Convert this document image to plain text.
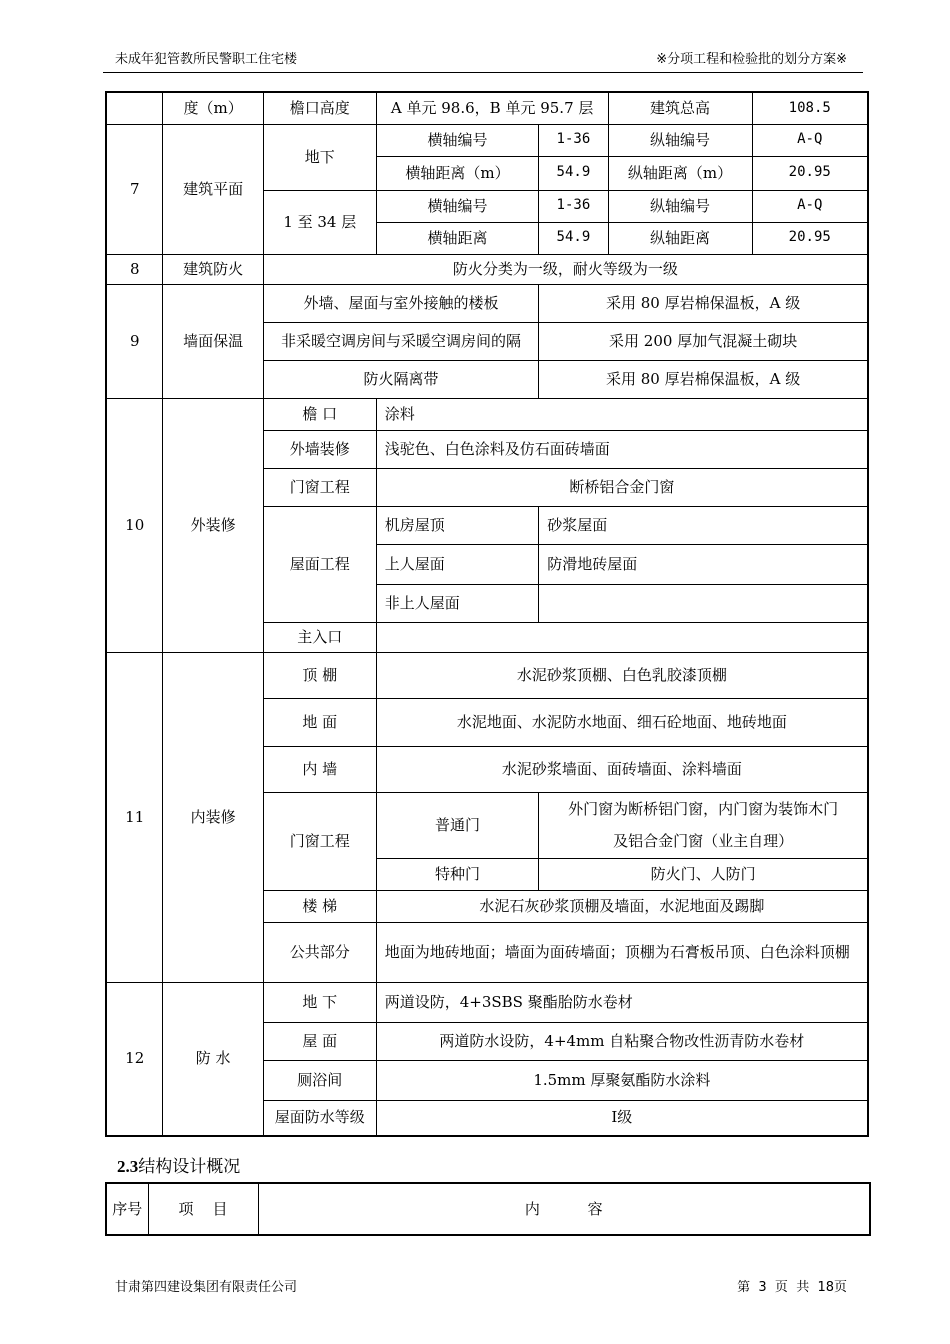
未成年犯管教所民警职工住宅楼	※分项工程和检验批的划分方案※
	度（m）	檐口高度	A 单元 98.6，B 单元 95.7 层		建筑总高	108.5
7	建筑平面	地下	横轴编号	1-36	纵轴编号	A-Q
			横轴距离（m）	54.9	纵轴距离（m）	20.95
		1 至 34 层	横轴编号	1-36	纵轴编号	A-Q
			横轴距离	54.9	纵轴距离	20.95
8	建筑防火	防火分类为一级，耐火等级为一级				
9	墙面保温	外墙、屋面与室外接触的楼板		采用 80 厚岩棉保温板，A 级		
		非采暖空调房间与采暖空调房间的隔		采用 200 厚加气混凝土砌块		
		防火隔离带		采用 80 厚岩棉保温板，A 级		
10	外装修	檐 口	涂料			
		外墙装修	浅驼色、白色涂料及仿石面砖墙面			
		门窗工程	断桥铝合金门窗			
		屋面工程	机房屋顶	砂浆屋面		
			上人屋面	防滑地砖屋面		
			非上人屋面			
		主入口				
11	内装修	顶 棚	水泥砂浆顶棚、白色乳胶漆顶棚			
		地 面	水泥地面、水泥防水地面、细石砼地面、地砖地面			
		内 墙	水泥砂浆墙面、面砖墙面、涂料墙面			
		门窗工程	普通门	外门窗为断桥铝门窗，内门窗为装饰木门		
				及铝合金门窗（业主自理）		
			特种门	防火门、人防门		
		楼 梯	水泥石灰砂浆顶棚及墙面，水泥地面及踢脚			
		公共部分	地面为地砖地面；墙面为面砖墙面；顶棚为石膏板吊顶、白色涂料顶棚			
12	防 水	地 下	两道设防，4+3SBS 聚酯胎防水卷材			
		屋 面	两道防水设防，4+4mm 自粘聚合物改性沥青防水卷材			
		厕浴间	1.5mm 厚聚氨酯防水涂料			
		屋面防水等级	Ⅰ级			
2.3结构设计概况
序号	项    目	内          容
甘肃第四建设集团有限责任公司	第  3  页  共  18页
